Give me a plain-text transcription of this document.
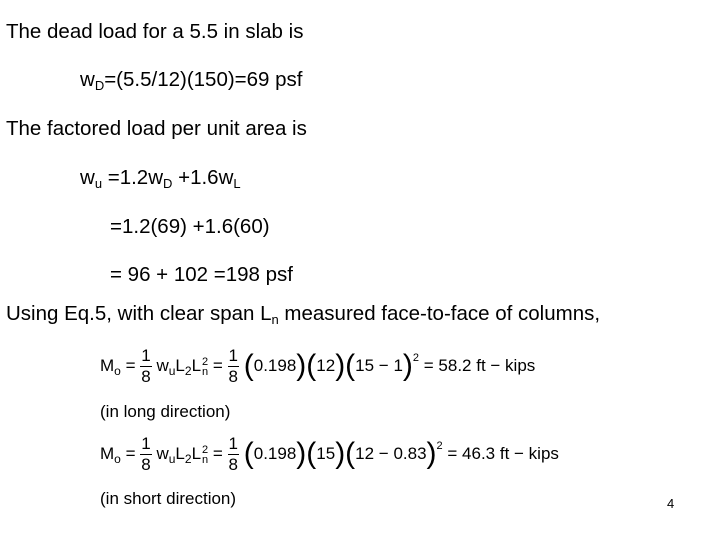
The dead load for a 5.5 in slab is
$w_D=(5.5/12)(150)=69$ psf
The factored load per unit area is
$w_u =1.2w_D +1.6w_L$
=1.2(69) +1.6(60)
= 96 + 102 =198 psf
Using Eq.5, with clear span $L_n$ measured face-to-face of columns,
$M_o = \frac{1}{8} w_uL_2L$ 2
$n = \frac{1}{8} (0.198)(12)(15 - 1)^2 = 58.2$ ft − kips
(in long direction)
$M_o = \frac{1}{8} w_uL_2L$ 2
$n = \frac{1}{8} (0.198)(15)(12 - 0.83)^2 = 46.3$ ft − kips
(in short direction)	4
